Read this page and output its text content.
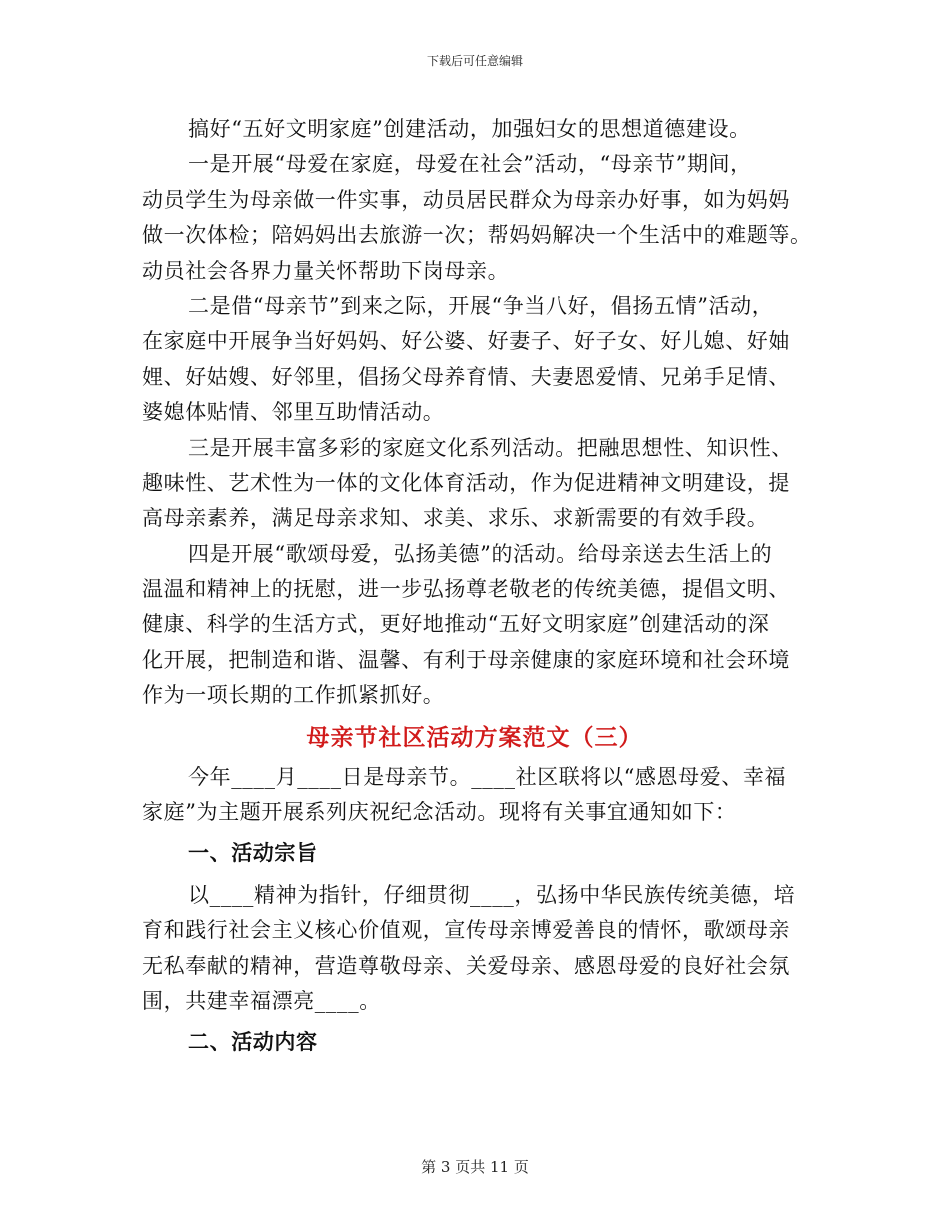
下载后可任意编辑
搞好“五好文明家庭”创建活动，加强妇女的思想道德建设。
一是开展“母爱在家庭，母爱在社会”活动，“母亲节”期间，
动员学生为母亲做一件实事，动员居民群众为母亲办好事，如为妈妈
做一次体检；陪妈妈出去旅游一次；帮妈妈解决一个生活中的难题等。
动员社会各界力量关怀帮助下岗母亲。
二是借“母亲节”到来之际，开展“争当八好，倡扬五情”活动，
在家庭中开展争当好妈妈、好公婆、好妻子、好子女、好儿媳、好妯
娌、好姑嫂、好邻里，倡扬父母养育情、夫妻恩爱情、兄弟手足情、
婆媳体贴情、邻里互助情活动。
三是开展丰富多彩的家庭文化系列活动。把融思想性、知识性、
趣味性、艺术性为一体的文化体育活动，作为促进精神文明建设，提
高母亲素养，满足母亲求知、求美、求乐、求新需要的有效手段。
四是开展“歌颂母爱，弘扬美德”的活动。给母亲送去生活上的
温温和精神上的抚慰，进一步弘扬尊老敬老的传统美德，提倡文明、
健康、科学的生活方式，更好地推动“五好文明家庭”创建活动的深
化开展，把制造和谐、温馨、有利于母亲健康的家庭环境和社会环境
作为一项长期的工作抓紧抓好。
母亲节社区活动方案范文（三）
今年____月____日是母亲节。____社区联将以“感恩母爱、幸福
家庭”为主题开展系列庆祝纪念活动。现将有关事宜通知如下：
一、活动宗旨
以____精神为指针，仔细贯彻____，弘扬中华民族传统美德，培
育和践行社会主义核心价值观，宣传母亲博爱善良的情怀，歌颂母亲
无私奉献的精神，营造尊敬母亲、关爱母亲、感恩母爱的良好社会氛
围，共建幸福漂亮____。
二、活动内容
第 3 页共 11 页
